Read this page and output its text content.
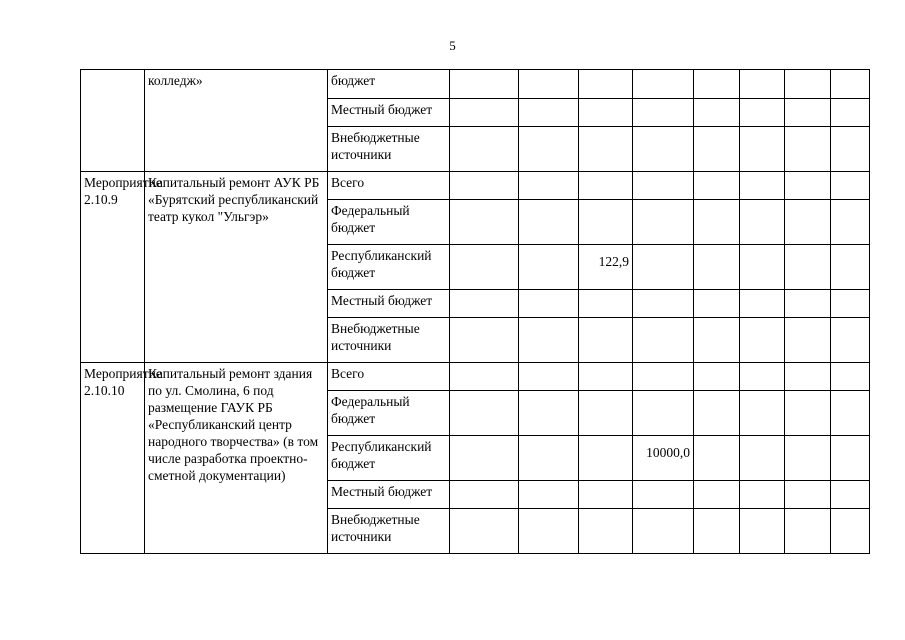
5
	колледж»	бюджет									
		Местный бюджет									
		Внебюджетные источники									
Мероприятие 2.10.9	Капитальный ремонт АУК РБ «Бурятский республиканский театр кукол "Ульгэр»	Всего									
		Федеральный бюджет									
		Республиканский бюджет			122,9						
		Местный бюджет									
		Внебюджетные источники									
Мероприятие 2.10.10	Капитальный ремонт здания по ул. Смолина, 6 под размещение ГАУК РБ «Республиканский центр народного творчества» (в том числе разработка проектно-сметной документации)	Всего									
		Федеральный бюджет									
		Республиканский бюджет				10000,0					
		Местный бюджет									
		Внебюджетные источники									
